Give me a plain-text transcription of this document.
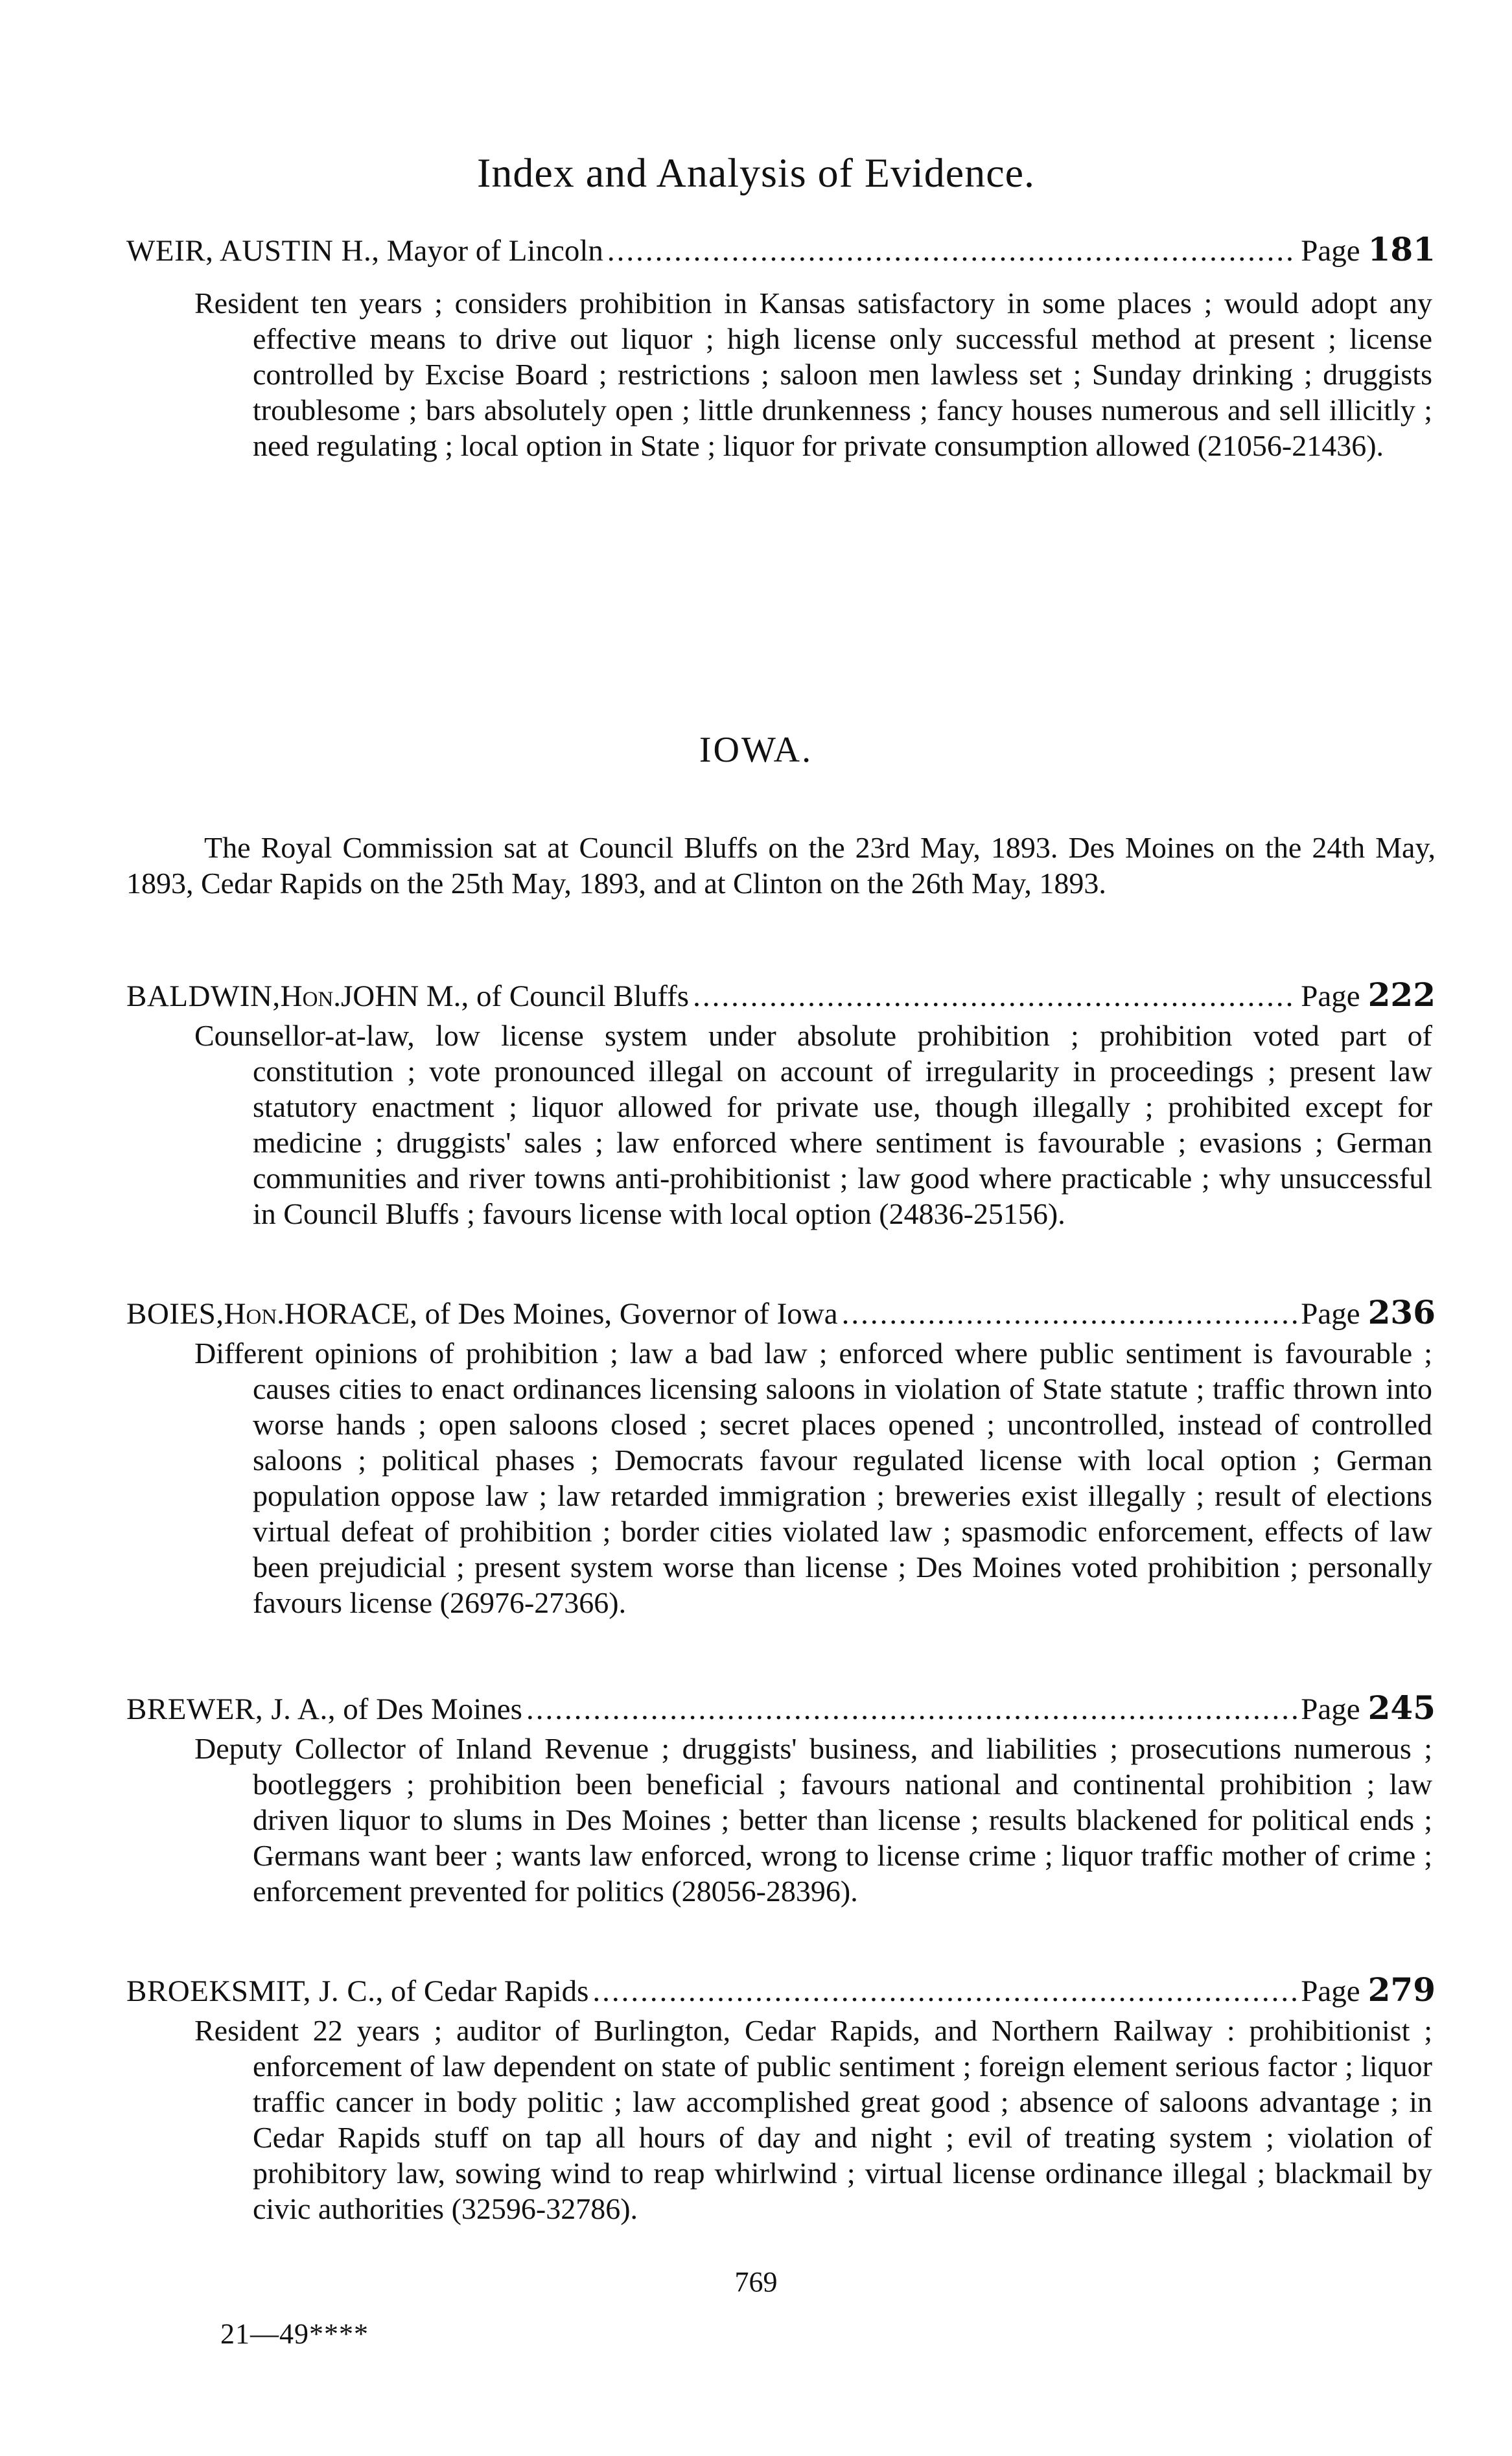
Index and Analysis of Evidence.
WEIR, AUSTIN H. , Mayor of Lincoln .....	Page 181
Resident ten years ; considers prohibition in Kansas satisfactory in some places ; would adopt any effective means to drive out liquor ; high license only successful method at present ; license controlled by Excise Board ; restrictions ; saloon men lawless set ; Sunday drinking ; druggists troublesome ; bars absolutely open ; little drunkenness ; fancy houses numerous and sell illicitly ; need regulating ; local option in State ; liquor for private consumption allowed (21056-21436).
IOWA.
The Royal Commission sat at Council Bluffs on the 23rd May, 1893. Des Moines on the 24th May, 1893, Cedar Rapids on the 25th May, 1893, and at Clinton on the 26th May, 1893.
BALDWIN, Hon. JOHN M. , of Council Bluffs .....	Page 222
Counsellor-at-law, low license system under absolute prohibition ; prohibition voted part of constitution ; vote pronounced illegal on account of irregularity in proceedings ; present law statutory enactment ; liquor allowed for private use, though illegally ; prohibited except for medicine ; druggists' sales ; law enforced where sentiment is favourable ; evasions ; German communities and river towns anti-prohibitionist ; law good where practicable ; why unsuccessful in Council Bluffs ; favours license with local option (24836-25156).
BOIES, Hon. HORACE , of Des Moines, Governor of Iowa .....	Page 236
Different opinions of prohibition ; law a bad law ; enforced where public sentiment is favourable ; causes cities to enact ordinances licensing saloons in violation of State statute ; traffic thrown into worse hands ; open saloons closed ; secret places opened ; uncontrolled, instead of controlled saloons ; political phases ; Democrats favour regulated license with local option ; German population oppose law ; law retarded immigration ; breweries exist illegally ; result of elections virtual defeat of prohibition ; border cities violated law ; spasmodic enforcement, effects of law been prejudicial ; present system worse than license ; Des Moines voted prohibition ; personally favours license (26976-27366).
BREWER, J. A. , of Des Moines .....	Page 245
Deputy Collector of Inland Revenue ; druggists' business, and liabilities ; prosecutions numerous ; bootleggers ; prohibition been beneficial ; favours national and continental prohibition ; law driven liquor to slums in Des Moines ; better than license ; results blackened for political ends ; Germans want beer ; wants law enforced, wrong to license crime ; liquor traffic mother of crime ; enforcement prevented for politics (28056-28396).
BROEKSMIT, J. C. , of Cedar Rapids .....	Page 279
Resident 22 years ; auditor of Burlington, Cedar Rapids, and Northern Railway : prohibitionist ; enforcement of law dependent on state of public sentiment ; foreign element serious factor ; liquor traffic cancer in body politic ; law accomplished great good ; absence of saloons advantage ; in Cedar Rapids stuff on tap all hours of day and night ; evil of treating system ; violation of prohibitory law, sowing wind to reap whirlwind ; virtual license ordinance illegal ; blackmail by civic authorities (32596-32786).
769
21—49****
